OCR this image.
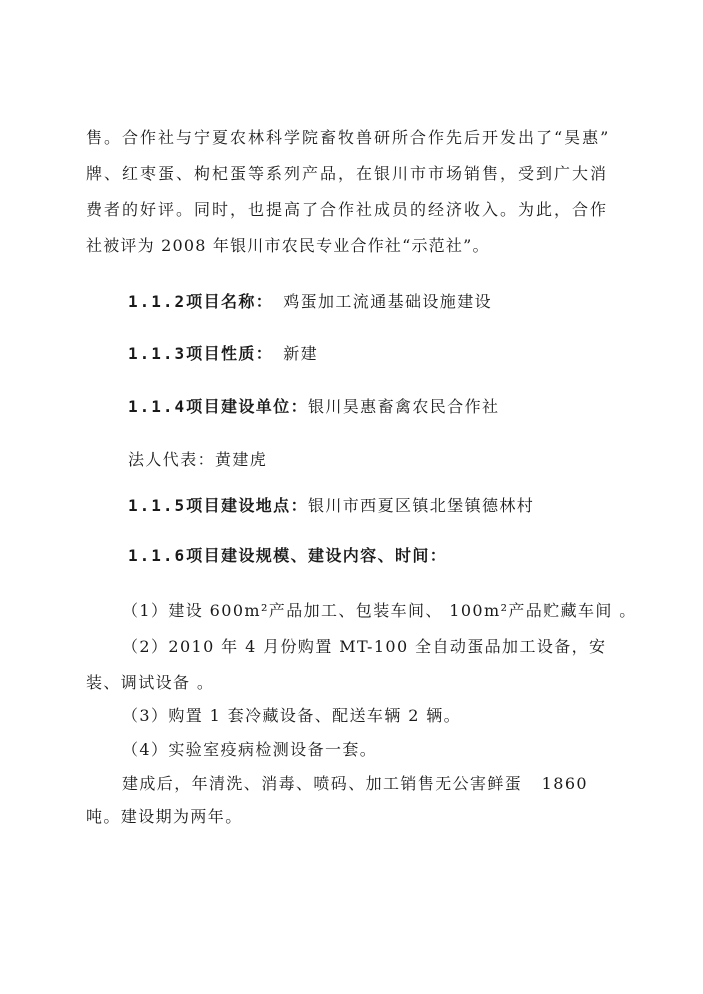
售。合作社与宁夏农林科学院畜牧兽研所合作先后开发出了“昊惠”
牌、红枣蛋、枸杞蛋等系列产品，在银川市市场销售，受到广大消
费者的好评。同时，也提高了合作社成员的经济收入。为此，合作
社被评为 2008 年银川市农民专业合作社“示范社”。
1.1.2项目名称： 鸡蛋加工流通基础设施建设
1.1.3项目性质： 新建
1.1.4项目建设单位：银川昊惠畜禽农民合作社
法人代表：黄建虎
1.1.5项目建设地点：银川市西夏区镇北堡镇德林村
1.1.6项目建设规模、建设内容、时间：
（1）建设 600m²产品加工、包装车间、 100m²产品贮藏车间 。
（2）2010 年 4 月份购置 MT-100 全自动蛋品加工设备，安
装、调试设备 。
（3）购置 1 套冷藏设备、配送车辆 2 辆。
（4）实验室疫病检测设备一套。
建成后，年清洗、消毒、喷码、加工销售无公害鲜蛋   1860
吨。建设期为两年。
